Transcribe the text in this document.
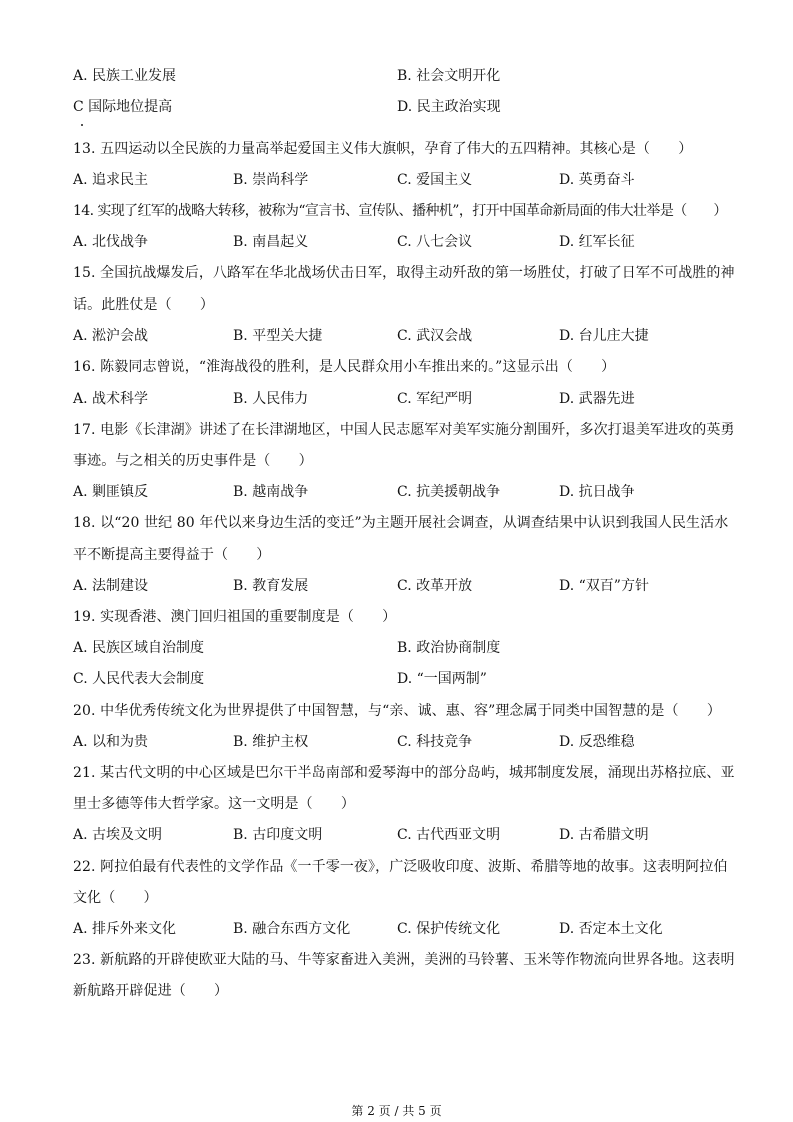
A. 民族工业发展	B. 社会文明开化
C 国际地位提高	D. 民主政治实现
13. 五四运动以全民族的力量高举起爱国主义伟大旗帜，孕育了伟大的五四精神。其核心是（　　）
A. 追求民主	B. 崇尚科学	C. 爱国主义	D. 英勇奋斗
14. 实现了红军的战略大转移，被称为“宣言书、宣传队、播种机”，打开中国革命新局面的伟大壮举是（　　）
A. 北伐战争	B. 南昌起义	C. 八七会议	D. 红军长征
15. 全国抗战爆发后，八路军在华北战场伏击日军，取得主动歼敌的第一场胜仗，打破了日军不可战胜的神
话。此胜仗是（　　）
A. 淞沪会战	B. 平型关大捷	C. 武汉会战	D. 台儿庄大捷
16. 陈毅同志曾说，“淮海战役的胜利，是人民群众用小车推出来的。”这显示出（　　）
A. 战术科学	B. 人民伟力	C. 军纪严明	D. 武器先进
17. 电影《长津湖》讲述了在长津湖地区，中国人民志愿军对美军实施分割围歼，多次打退美军进攻的英勇
事迹。与之相关的历史事件是（　　）
A. 剿匪镇反	B. 越南战争	C. 抗美援朝战争	D. 抗日战争
18. 以“20 世纪 80 年代以来身边生活的变迁”为主题开展社会调查，从调查结果中认识到我国人民生活水
平不断提高主要得益于（　　）
A. 法制建设	B. 教育发展	C. 改革开放	D. “双百”方针
19. 实现香港、澳门回归祖国的重要制度是（　　）
A. 民族区域自治制度	B. 政治协商制度
C. 人民代表大会制度	D. “一国两制”
20. 中华优秀传统文化为世界提供了中国智慧，与“亲、诚、惠、容”理念属于同类中国智慧的是（　　）
A. 以和为贵	B. 维护主权	C. 科技竞争	D. 反恐维稳
21. 某古代文明的中心区域是巴尔干半岛南部和爱琴海中的部分岛屿，城邦制度发展，涌现出苏格拉底、亚
里士多德等伟大哲学家。这一文明是（　　）
A. 古埃及文明	B. 古印度文明	C. 古代西亚文明	D. 古希腊文明
22. 阿拉伯最有代表性的文学作品《一千零一夜》，广泛吸收印度、波斯、希腊等地的故事。这表明阿拉伯
文化（　　）
A. 排斥外来文化	B. 融合东西方文化	C. 保护传统文化	D. 否定本土文化
23. 新航路的开辟使欧亚大陆的马、牛等家畜进入美洲，美洲的马铃薯、玉米等作物流向世界各地。这表明
新航路开辟促进（　　）
第 2 页 / 共 5 页
